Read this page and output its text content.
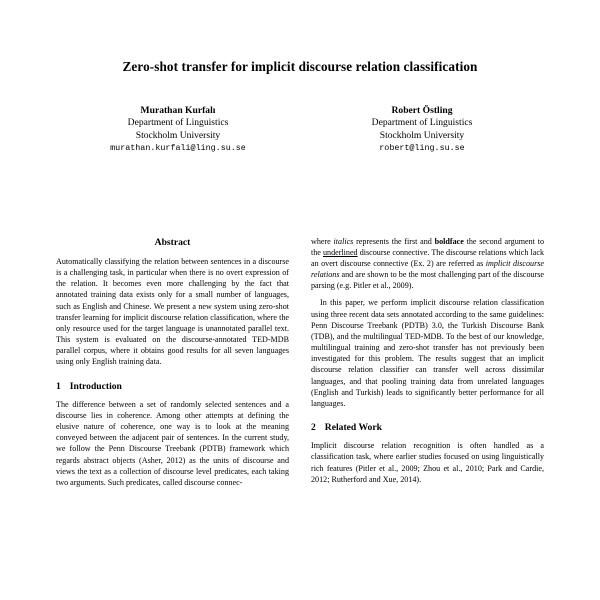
Zero-shot transfer for implicit discourse relation classification
Murathan Kurfalı
Department of Linguistics
Stockholm University
murathan.kurfali@ling.su.se
Robert Östling
Department of Linguistics
Stockholm University
robert@ling.su.se
Abstract

Automatically classifying the relation between sentences in a discourse is a challenging task, in particular when there is no overt expression of the relation. It becomes even more challenging by the fact that annotated training data exists only for a small number of languages, such as English and Chinese. We present a new system using zero-shot transfer learning for implicit discourse relation classification, where the only resource used for the target language is unannotated parallel text. This system is evaluated on the discourse-annotated TED-MDB parallel corpus, where it obtains good results for all seven languages using only English training data.

1 Introduction

The difference between a set of randomly selected sentences and a discourse lies in coherence. Among other attempts at defining the elusive nature of coherence, one way is to look at the meaning conveyed between the adjacent pair of sentences. In the current study, we follow the Penn Discourse Treebank (PDTB) framework which regards abstract objects (Asher, 2012) as the units of discourse and views the text as a collection of discourse level predicates, each taking two arguments. Such predicates, called discourse connec-

where italics represents the first and boldface the second argument to the underlined discourse connective. The discourse relations which lack an overt discourse connective (Ex. 2) are referred as implicit discourse relations and are shown to be the most challenging part of the discourse parsing (e.g. Pitler et al., 2009).

In this paper, we perform implicit discourse relation classification using three recent data sets annotated according to the same guidelines: Penn Discourse Treebank (PDTB) 3.0, the Turkish Discourse Bank (TDB), and the multilingual TED-MDB. To the best of our knowledge, multilingual training and zero-shot transfer has not previously been investigated for this problem. The results suggest that an implicit discourse relation classifier can transfer well across dissimilar languages, and that pooling training data from unrelated languages (English and Turkish) leads to significantly better performance for all languages.

2 Related Work

Implicit discourse relation recognition is often handled as a classification task, where earlier studies focused on using linguistically rich features (Pitler et al., 2009; Zhou et al., 2010; Park and Cardie, 2012; Rutherford and Xue, 2014).
